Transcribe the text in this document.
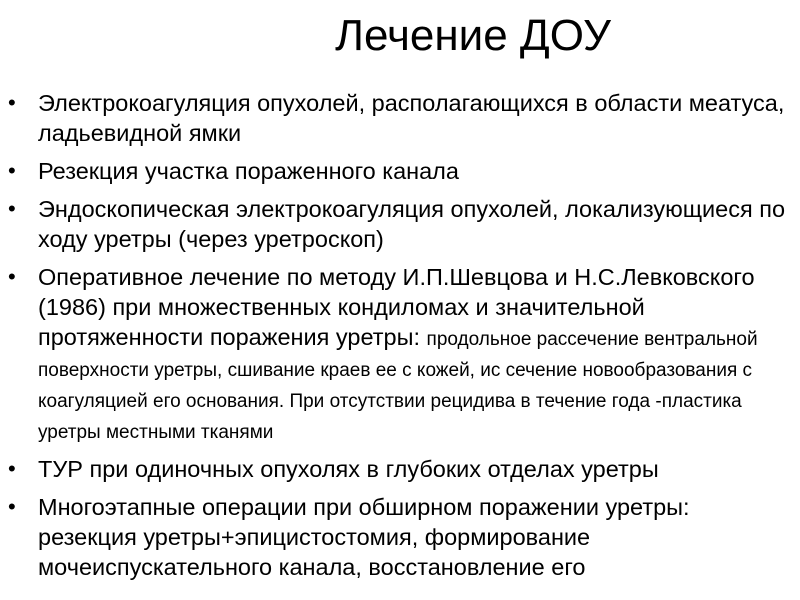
Лечение ДОУ
• Электрокоагуляция опухолей, располагающихся в области меатуса, ладьевидной ямки
• Резекция участка пораженного канала
• Эндоскопическая электрокоагуляция опухолей, локализующиеся по ходу уретры (через уретроскоп)
• Оперативное лечение по методу И.П.Шевцова и Н.С.Левковского (1986) при множественных кондиломах и значительной протяженности поражения уретры: продольное рассечение вентральной поверхности уретры, сшивание краев ее с кожей, ис сечение новообразования с коагуляцией его основания. При отсутствии рецидива в течение года -пластика уретры местными тканями
• ТУР при одиночных опухолях в глубоких отделах уретры
• Многоэтапные операции при обширном поражении уретры: резекция уретры+эпицистостомия, формирование мочеиспускательного канала, восстановление его
